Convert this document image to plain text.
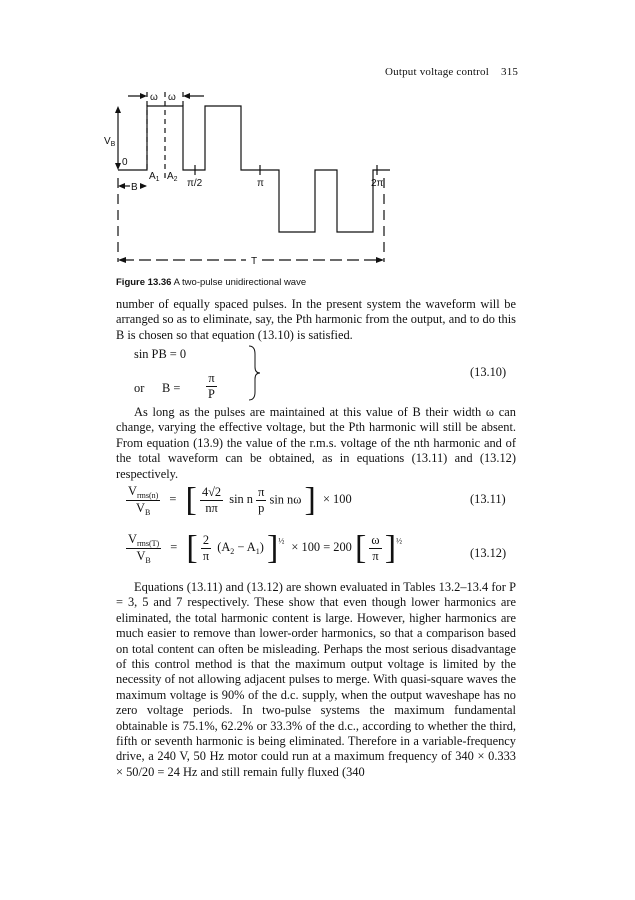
Output voltage control 315
ω ω
$V_B$
0
$A_1$ $A_2$
B	π/2	π	2π
T
Figure 13.36 A two-pulse unidirectional wave
number of equally spaced pulses. In the present system the waveform will be arranged so as to eliminate, say, the Pth harmonic from the output, and to do this B is chosen so that equation (13.10) is satisfied.
sin PB = 0
or $B = \frac{\pi}{P}$	(13.10)
As long as the pulses are maintained at this value of B their width ω can change, varying the effective voltage, but the Pth harmonic will still be absent. From equation (13.9) the value of the r.m.s. voltage of the nth harmonic and of the total waveform can be obtained, as in equations (13.11) and (13.12) respectively.
$\frac{V_{rms(n)}}{V_B}$ = [ $\frac{4√2}{n\pi}$ sin n $\frac{\pi}{p}$ sin nω ] × 100	(13.11)
$\frac{V_{rms(T)}}{V_B}$ = [ $\frac{2}{\pi} (A_2 - A_1) ]^{\frac{1}{2}} \times 100 = 200$ [ $\frac{\omega}{\pi} ]^{\frac{1}{2}}$
(13.12)
Equations (13.11) and (13.12) are shown evaluated in Tables 13.2–13.4 for P = 3, 5 and 7 respectively. These show that even though lower harmonics are eliminated, the total harmonic content is large. However, higher harmonics are much easier to remove than lower-order harmonics, so that a comparison based on total content can often be misleading. Perhaps the most serious disadvantage of this control method is that the maximum output voltage is limited by the necessity of not allowing adjacent pulses to merge. With quasi-square waves the maximum voltage is 90% of the d.c. supply, when the output waveshape has no zero voltage periods. In two-pulse systems the maximum fundamental obtainable is 75.1%, 62.2% or 33.3% of the d.c., according to whether the third, fifth or seventh harmonic is being eliminated. Therefore in a variable-frequency drive, a 240 V, 50 Hz motor could run at a maximum frequency of 340 × 0.333 × 50/20 = 24 Hz and still remain fully fluxed (340
